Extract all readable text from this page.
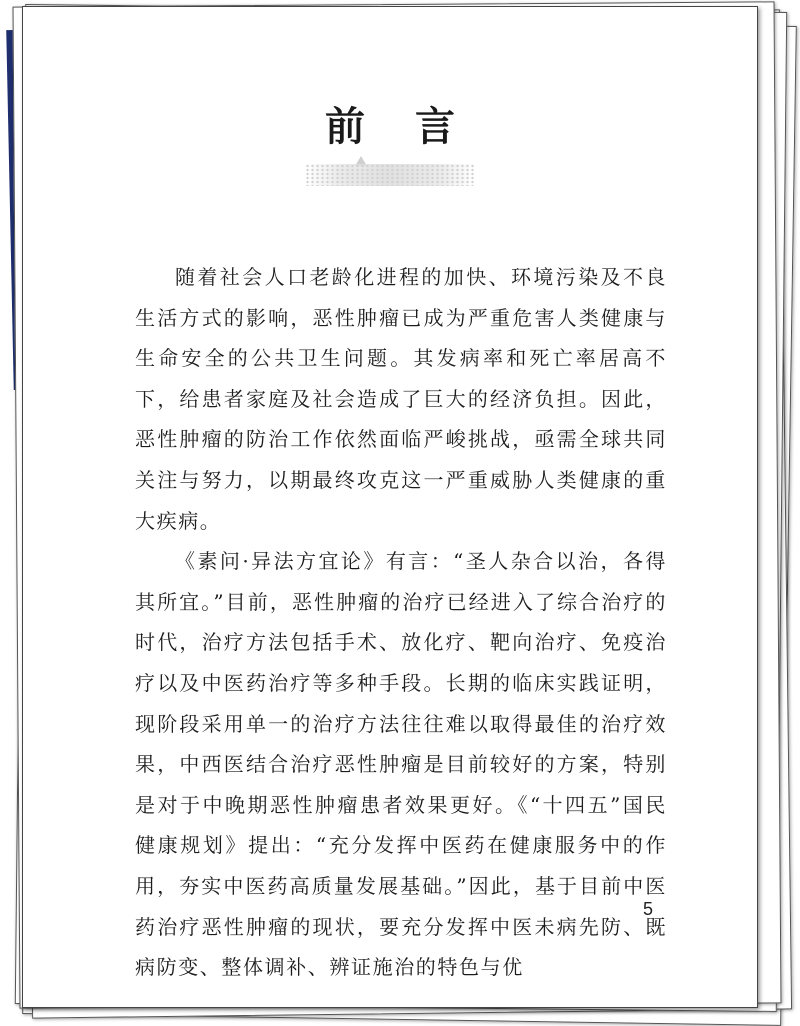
前 言

随着社会人口老龄化进程的加快、环境污染及不良生活方式的影响，恶性肿瘤已成为严重危害人类健康与生命安全的公共卫生问题。其发病率和死亡率居高不下，给患者家庭及社会造成了巨大的经济负担。因此，恶性肿瘤的防治工作依然面临严峻挑战，亟需全球共同关注与努力，以期最终攻克这一严重威胁人类健康的重大疾病。

《素问·异法方宜论》有言：“圣人杂合以治，各得其所宜。”目前，恶性肿瘤的治疗已经进入了综合治疗的时代，治疗方法包括手术、放化疗、靶向治疗、免疫治疗以及中医药治疗等多种手段。长期的临床实践证明，现阶段采用单一的治疗方法往往难以取得最佳的治疗效果，中西医结合治疗恶性肿瘤是目前较好的方案，特别是对于中晚期恶性肿瘤患者效果更好。《“十四五”国民健康规划》提出：“充分发挥中医药在健康服务中的作用，夯实中医药高质量发展基础。”因此，基于目前中医药治疗恶性肿瘤的现状，要充分发挥中医未病先防、既病防变、整体调补、辨证施治的特色与优

5
